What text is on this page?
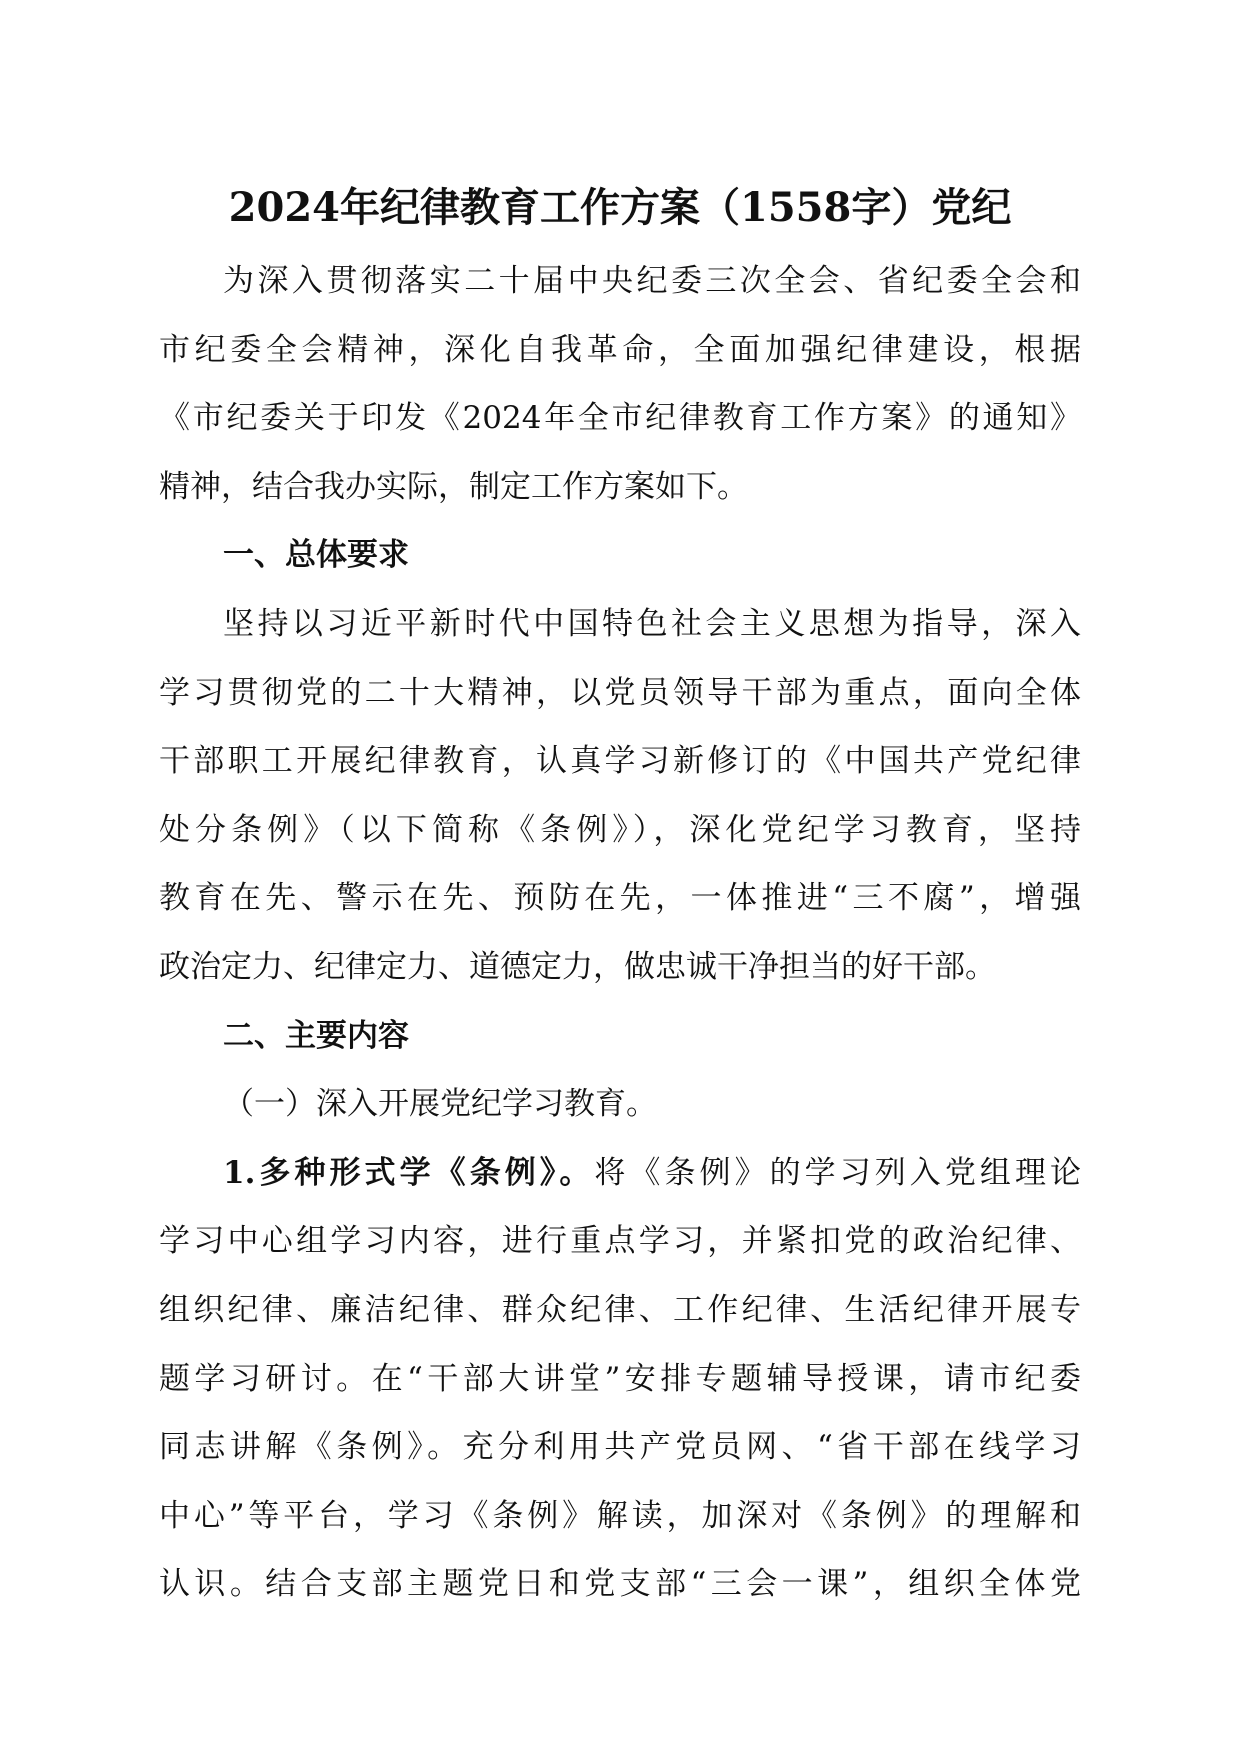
2024年纪律教育工作方案（1558字）党纪
为深入贯彻落实二十届中央纪委三次全会、省纪委全会和
市纪委全会精神，深化自我革命，全面加强纪律建设，根据
《市纪委关于印发《2024年全市纪律教育工作方案》的通知》
精神，结合我办实际，制定工作方案如下。
一、总体要求
坚持以习近平新时代中国特色社会主义思想为指导，深入
学习贯彻党的二十大精神，以党员领导干部为重点，面向全体
干部职工开展纪律教育，认真学习新修订的《中国共产党纪律
处分条例》（以下简称《条例》），深化党纪学习教育，坚持
教育在先、警示在先、预防在先，一体推进“三不腐”，增强
政治定力、纪律定力、道德定力，做忠诚干净担当的好干部。
二、主要内容
（一）深入开展党纪学习教育。
1.多种形式学《条例》。将《条例》的学习列入党组理论
学习中心组学习内容，进行重点学习，并紧扣党的政治纪律、
组织纪律、廉洁纪律、群众纪律、工作纪律、生活纪律开展专
题学习研讨。在“干部大讲堂”安排专题辅导授课，请市纪委
同志讲解《条例》。充分利用共产党员网、“省干部在线学习
中心”等平台，学习《条例》解读，加深对《条例》的理解和
认识。结合支部主题党日和党支部“三会一课”，组织全体党
